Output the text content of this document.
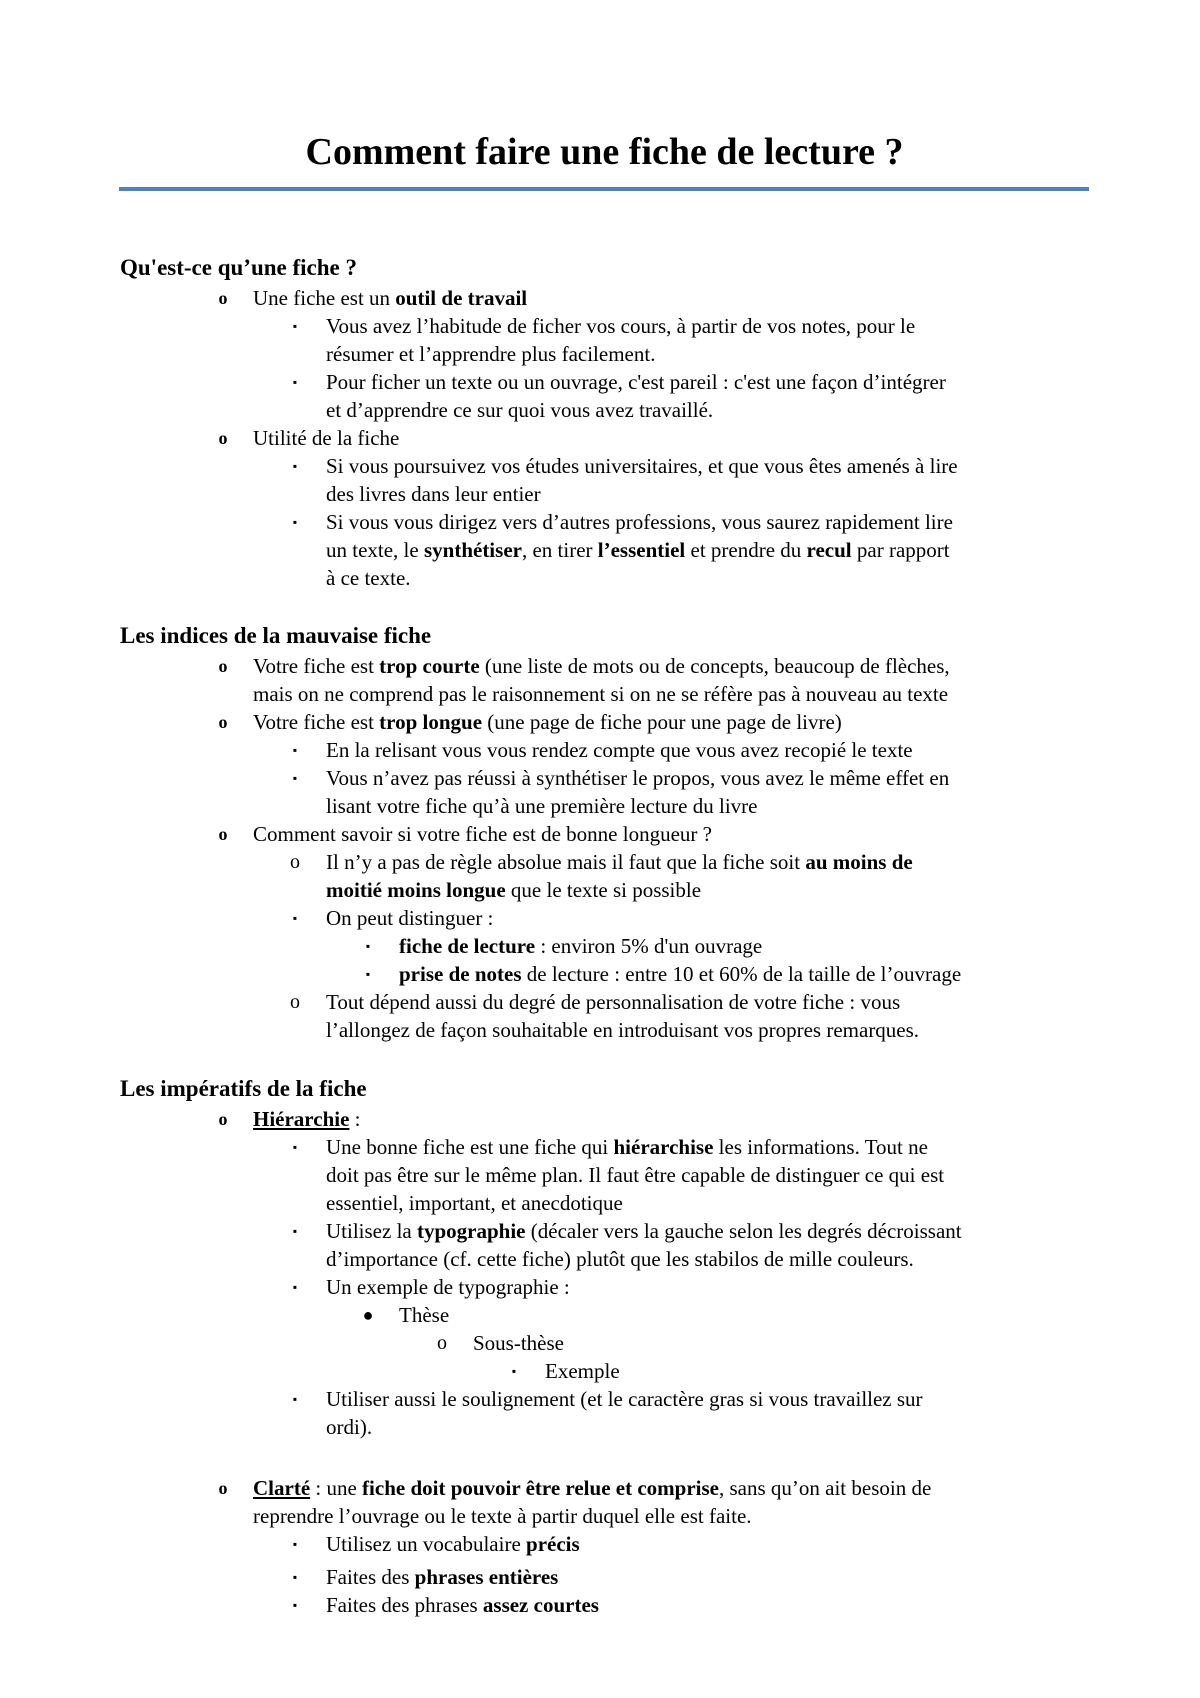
Comment faire une fiche de lecture ?
Qu'est-ce qu’une fiche ?
o	Une fiche est un outil de travail
▪	Vous avez l’habitude de ficher vos cours, à partir de vos notes, pour le
résumer et l’apprendre plus facilement.
▪	Pour ficher un texte ou un ouvrage, c'est pareil : c'est une façon d’intégrer
et d’apprendre ce sur quoi vous avez travaillé.
o	Utilité de la fiche
▪	Si vous poursuivez vos études universitaires, et que vous êtes amenés à lire
des livres dans leur entier
▪	Si vous vous dirigez vers d’autres professions, vous saurez rapidement lire
un texte, le synthétiser, en tirer l’essentiel et prendre du recul par rapport
à ce texte.
Les indices de la mauvaise fiche
o	Votre fiche est trop courte (une liste de mots ou de concepts, beaucoup de flèches,
mais on ne comprend pas le raisonnement si on ne se réfère pas à nouveau au texte
o	Votre fiche est trop longue (une page de fiche pour une page de livre)
▪	En la relisant vous vous rendez compte que vous avez recopié le texte
▪	Vous n’avez pas réussi à synthétiser le propos, vous avez le même effet en
lisant votre fiche qu’à une première lecture du livre
o	Comment savoir si votre fiche est de bonne longueur ?
o	Il n’y a pas de règle absolue mais il faut que la fiche soit au moins de
moitié moins longue que le texte si possible
▪	On peut distinguer :
▪	fiche de lecture : environ 5% d'un ouvrage
▪	prise de notes de lecture : entre 10 et 60% de la taille de l’ouvrage
o	Tout dépend aussi du degré de personnalisation de votre fiche : vous
l’allongez de façon souhaitable en introduisant vos propres remarques.
Les impératifs de la fiche
o	Hiérarchie :
▪	Une bonne fiche est une fiche qui hiérarchise les informations. Tout ne
doit pas être sur le même plan. Il faut être capable de distinguer ce qui est
essentiel, important, et anecdotique
▪	Utilisez la typographie (décaler vers la gauche selon les degrés décroissant
d’importance (cf. cette fiche) plutôt que les stabilos de mille couleurs.
▪	Un exemple de typographie :
●	Thèse
o	Sous-thèse
▪	Exemple
▪	Utiliser aussi le soulignement (et le caractère gras si vous travaillez sur
ordi).
o	Clarté : une fiche doit pouvoir être relue et comprise, sans qu’on ait besoin de
reprendre l’ouvrage ou le texte à partir duquel elle est faite.
▪	Utilisez un vocabulaire précis
▪	Faites des phrases entières
▪	Faites des phrases assez courtes
